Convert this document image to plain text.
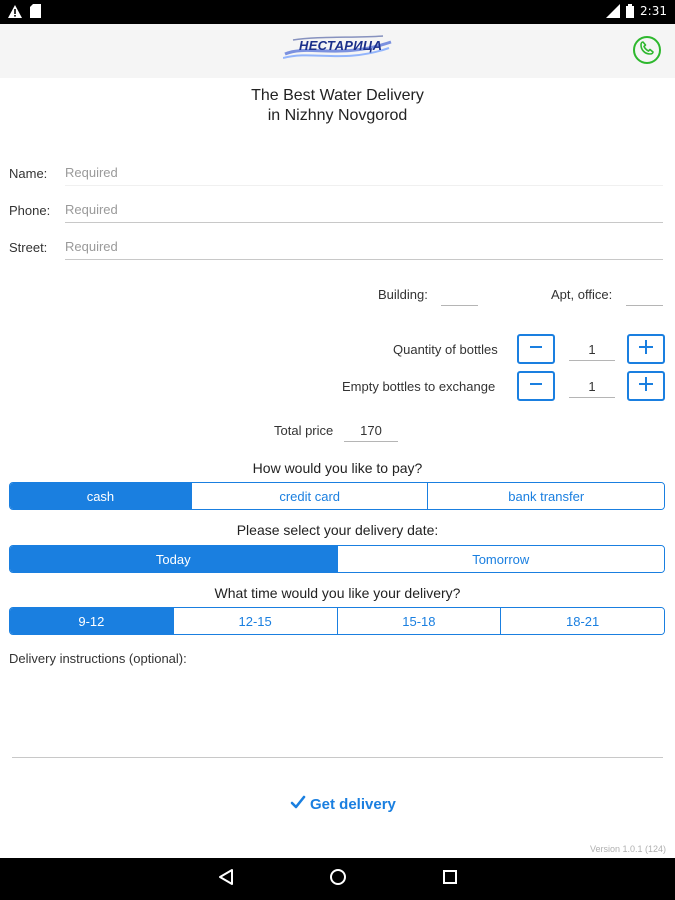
2:31
НЕСТАРИЦА
The Best Water Delivery
in Nizhny Novgorod
Name:
Required
Phone:
Required
Street:
Required
Building:	Apt, office:
Quantity of bottles	1
Empty bottles to exchange	1
Total price	170
How would you like to pay?
cash	credit card	bank transfer
Please select your delivery date:
Today	Tomorrow
What time would you like your delivery?
9-12	12-15	15-18	18-21
Delivery instructions (optional):
Get delivery
Version 1.0.1 (124)
